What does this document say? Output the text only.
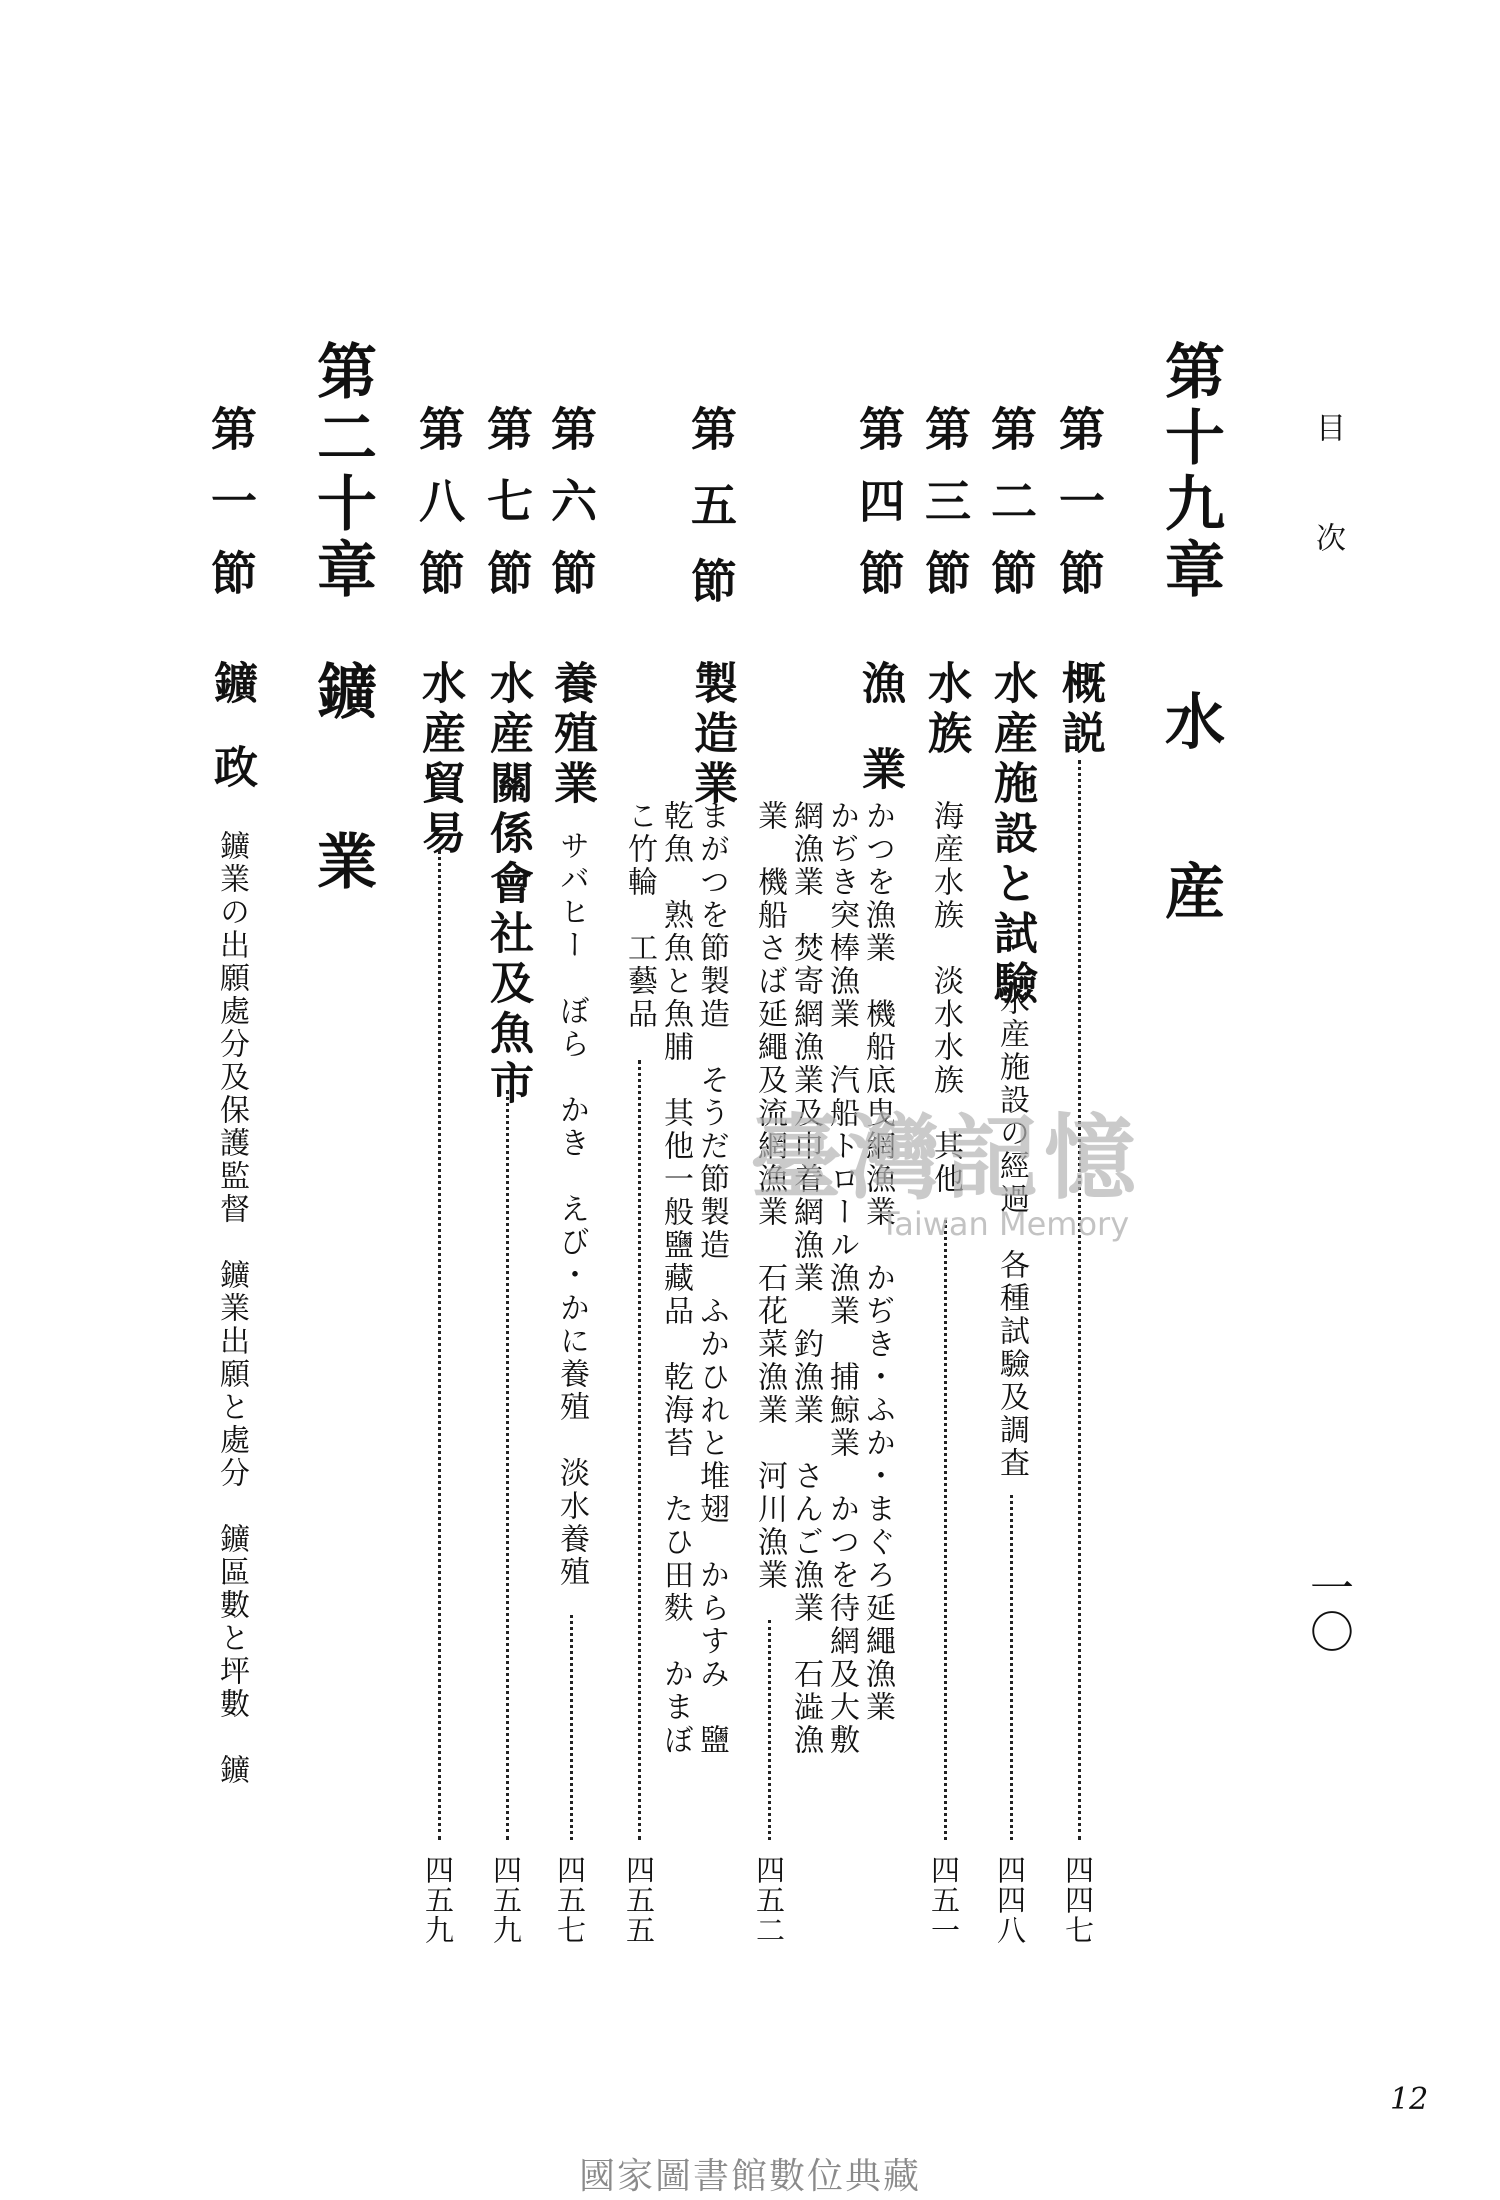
目次
一〇
12
第十九章
水産
第一節
概説
四四七
第二節
水産施設と試驗
水産施設の經過　各種試驗及調査
四四八
第三節
水族
海産水族　淡水水族　其他
四五一
第四節
漁業
かつを漁業　機船底曳網漁業　かぢき・ふか・まぐろ延繩漁業
かぢき突棒漁業　汽船トロール漁業　捕鯨業　かつを待網及大敷
網漁業　焚寄網漁業及巾着網漁業　釣漁業　さんご漁業　石澁漁
業　機船さば延繩及流網漁業　石花菜漁業　河川漁業
四五二
第五節
製造業
まがつを節製造　そうだ節製造　ふかひれと堆翅　からすみ　鹽
乾魚　熟魚と魚脯　其他一般鹽藏品　乾海苔　たひ田麩　かまぼ
こ竹輪　工藝品
四五五
第六節
養殖業
サバヒー　ぼら　かき　えび・かに養殖　淡水養殖
四五七
第七節
水産關係會社及魚市
四五九
第八節
水産貿易
四五九
第二十章
鑛業
第一節
鑛政
鑛業の出願處分及保護監督　鑛業出願と處分　鑛區數と坪數　鑛	臺灣記憶
Taiwan Memory
國家圖書館數位典藏
